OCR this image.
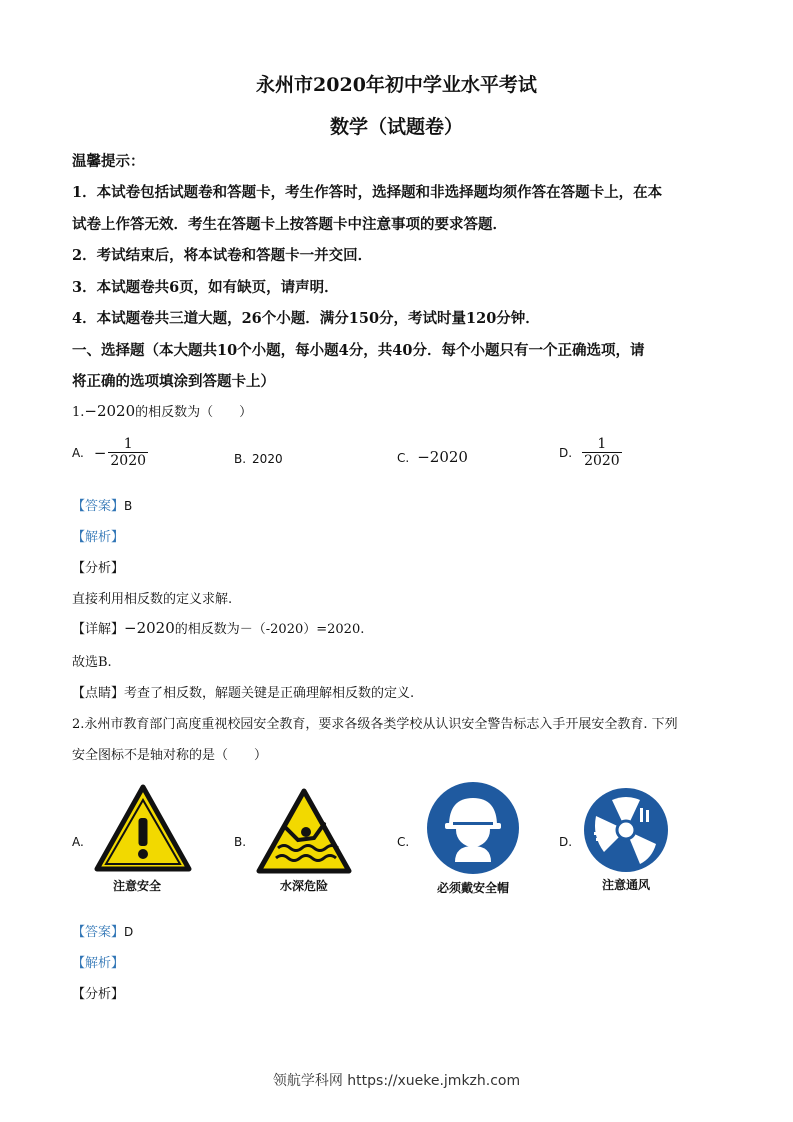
永州市2020年初中学业水平考试
数学（试题卷）
温馨提示：
1．本试卷包括试题卷和答题卡，考生作答时，选择题和非选择题均须作答在答题卡上，在本
试卷上作答无效．考生在答题卡上按答题卡中注意事项的要求答题．
2．考试结束后，将本试卷和答题卡一并交回．
3．本试题卷共6页，如有缺页，请声明．
4．本试题卷共三道大题，26个小题．满分150分，考试时量120分钟．
一、选择题（本大题共10个小题，每小题4分，共40分．每个小题只有一个正确选项，请
将正确的选项填涂到答题卡上）
1.−2020的相反数为（　　）
A. − $\frac{1}{2020}$	B. 2020	C. −2020	D. $\frac{1}{2020}$
【答案】B
【解析】
【分析】
直接利用相反数的定义求解.
【详解】−2020的相反数为－（-2020）=2020.
故选B.
【点睛】考查了相反数，解题关键是正确理解相反数的定义.
2.永州市教育部门高度重视校园安全教育，要求各级各类学校从认识安全警告标志入手开展安全教育. 下列
安全图标不是轴对称的是（　　）
A.
注意安全
B.
水深危险
C.
必须戴安全帽
D.
注意通风
【答案】D
【解析】
【分析】
领航学科网 https://xueke.jmkzh.com
